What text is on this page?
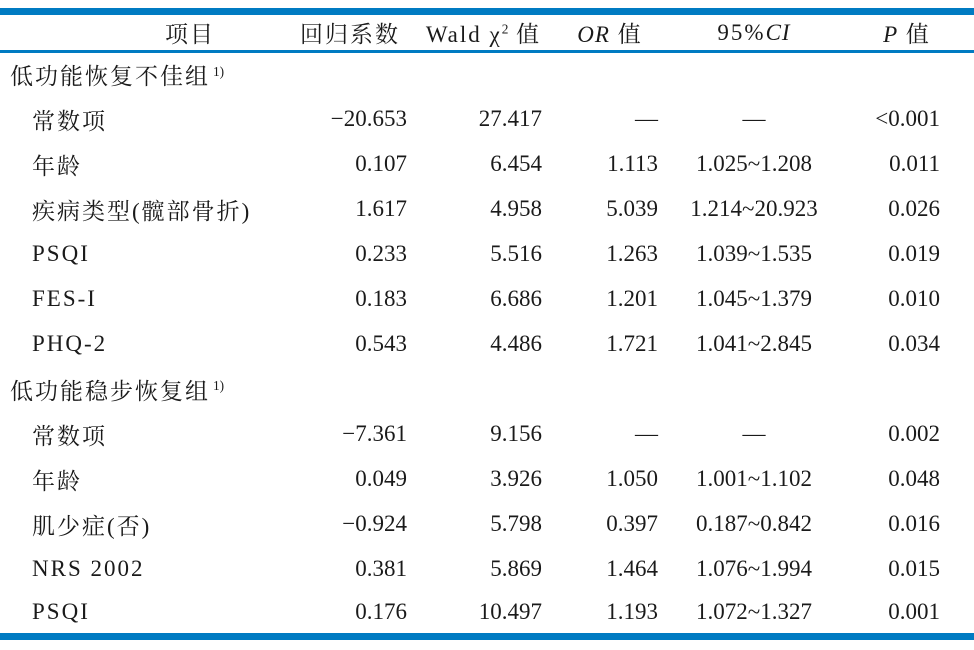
项目	回归系数	Wald $\chi^2$ 值	OR 值	95%CI	P 值
低功能恢复不佳组 $^{1)}$
常数项	−20.653	27.417	—	—	<0.001
年龄	0.107	6.454	1.113	1.025~1.208	0.011
疾病类型(髋部骨折)	1.617	4.958	5.039	1.214~20.923	0.026
PSQI	0.233	5.516	1.263	1.039~1.535	0.019
FES-I	0.183	6.686	1.201	1.045~1.379	0.010
PHQ-2	0.543	4.486	1.721	1.041~2.845	0.034
低功能稳步恢复组 $^{1)}$
常数项	−7.361	9.156	—	—	0.002
年龄	0.049	3.926	1.050	1.001~1.102	0.048
肌少症(否)	−0.924	5.798	0.397	0.187~0.842	0.016
NRS 2002	0.381	5.869	1.464	1.076~1.994	0.015
PSQI	0.176	10.497	1.193	1.072~1.327	0.001
